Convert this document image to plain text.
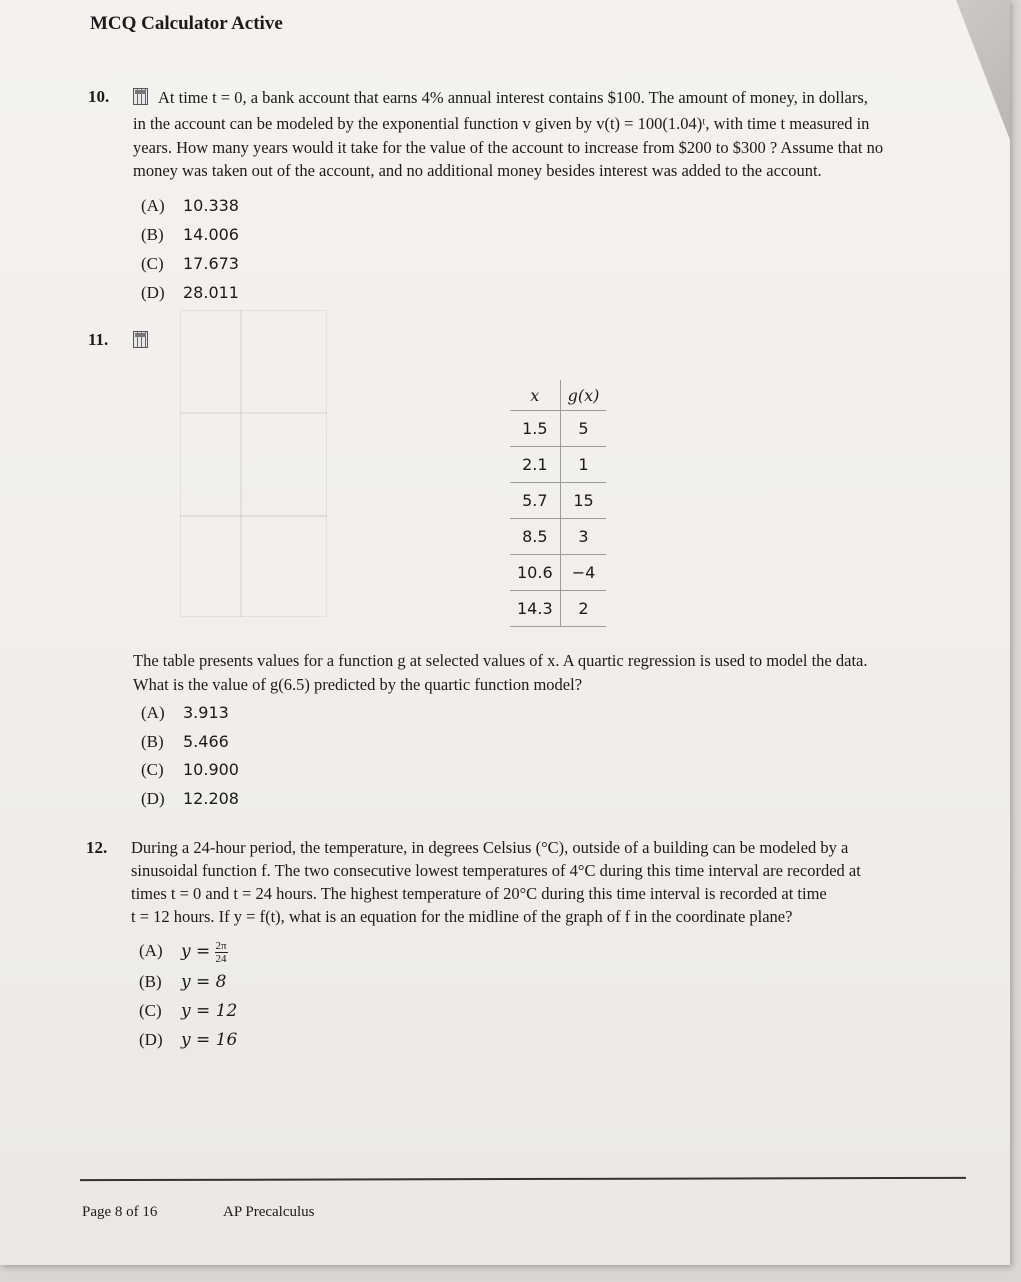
MCQ Calculator Active
10.	At time t = 0, a bank account that earns 4% annual interest contains $100. The amount of money, in dollars,
in the account can be modeled by the exponential function v given by v(t) = 100(1.04)ᵗ, with time t measured in
years. How many years would it take for the value of the account to increase from $200 to $300 ? Assume that no
money was taken out of the account, and no additional money besides interest was added to the account.
(A) 10.338
(B) 14.006
(C) 17.673
(D) 28.011
11.
x	g(x)
1.5	5
2.1	1
5.7	15
8.5	3
10.6	−4
14.3	2
The table presents values for a function g at selected values of x. A quartic regression is used to model the data.
What is the value of g(6.5) predicted by the quartic function model?
(A) 3.913
(B) 5.466
(C) 10.900
(D) 12.208
12. During a 24-hour period, the temperature, in degrees Celsius (°C), outside of a building can be modeled by a
sinusoidal function f. The two consecutive lowest temperatures of 4°C during this time interval are recorded at
times t = 0 and t = 24 hours. The highest temperature of 20°C during this time interval is recorded at time
t = 12 hours. If y = f(t), what is an equation for the midline of the graph of f in the coordinate plane?
(A) $y = \frac{2\pi}{24}$
(B) y = 8
(C) y = 12
(D) y = 16
Page 8 of 16	AP Precalculus
